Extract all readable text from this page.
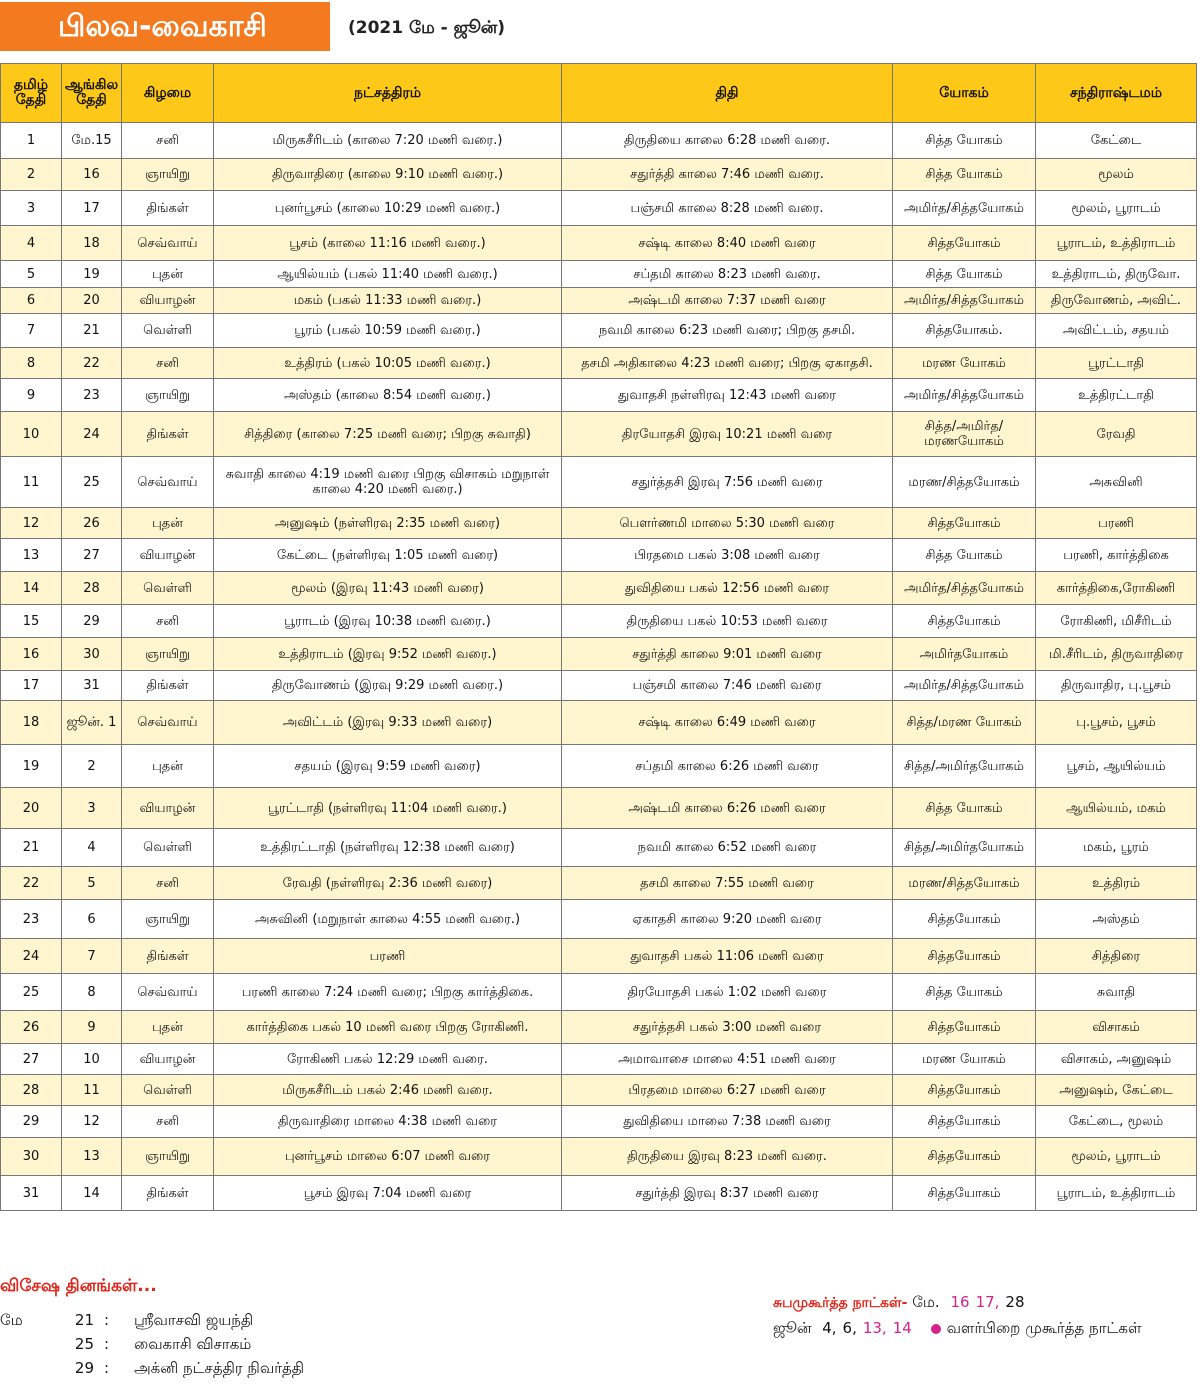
பிலவ-வைகாசி	(2021 மே - ஜூன்)
தமிழ் தேதி	ஆங்கில தேதி	கிழமை	நட்சத்திரம்	திதி	யோகம்	சந்திராஷ்டமம்
1	மே.15	சனி	மிருகசீரிடம் (காலை 7:20 மணி வரை.)	திருதியை காலை 6:28 மணி வரை.	சித்த யோகம்	கேட்டை
2	16	ஞாயிறு	திருவாதிரை (காலை 9:10 மணி வரை.)	சதுர்த்தி காலை 7:46 மணி வரை.	சித்த யோகம்	மூலம்
3	17	திங்கள்	புனர்பூசம் (காலை 10:29 மணி வரை.)	பஞ்சமி காலை 8:28 மணி வரை.	அமிர்த/சித்தயோகம்	மூலம், பூராடம்
4	18	செவ்வாய்	பூசம் (காலை 11:16 மணி வரை.)	சஷ்டி காலை 8:40 மணி வரை	சித்தயோகம்	பூராடம், உத்திராடம்
5	19	புதன்	ஆயில்யம் (பகல் 11:40 மணி வரை.)	சப்தமி காலை 8:23 மணி வரை.	சித்த யோகம்	உத்திராடம், திருவோ.
6	20	வியாழன்	மகம் (பகல் 11:33 மணி வரை.)	அஷ்டமி காலை 7:37 மணி வரை	அமிர்த/சித்தயோகம்	திருவோணம், அவிட்.
7	21	வெள்ளி	பூரம் (பகல் 10:59 மணி வரை.)	நவமி காலை 6:23 மணி வரை; பிறகு தசமி.	சித்தயோகம்.	அவிட்டம், சதயம்
8	22	சனி	உத்திரம் (பகல் 10:05 மணி வரை.)	தசமி அதிகாலை 4:23 மணி வரை; பிறகு ஏகாதசி.	மரண யோகம்	பூரட்டாதி
9	23	ஞாயிறு	அஸ்தம் (காலை 8:54 மணி வரை.)	துவாதசி நள்ளிரவு 12:43 மணி வரை	அமிர்த/சித்தயோகம்	உத்திரட்டாதி
10	24	திங்கள்	சித்திரை (காலை 7:25 மணி வரை; பிறகு சுவாதி)	திரயோதசி இரவு 10:21 மணி வரை	சித்த/அமிர்த/ மரணயோகம்	ரேவதி
11	25	செவ்வாய்	சுவாதி காலை 4:19 மணி வரை பிறகு விசாகம் மறுநாள் காலை 4:20 மணி வரை.)	சதுர்த்தசி இரவு 7:56 மணி வரை	மரண/சித்தயோகம்	அசுவினி
12	26	புதன்	அனுஷம் (நள்ளிரவு 2:35 மணி வரை)	பௌர்ணமி மாலை 5:30 மணி வரை	சித்தயோகம்	பரணி
13	27	வியாழன்	கேட்டை (நள்ளிரவு 1:05 மணி வரை)	பிரதமை பகல் 3:08 மணி வரை	சித்த யோகம்	பரணி, கார்த்திகை
14	28	வெள்ளி	மூலம் (இரவு 11:43 மணி வரை)	துவிதியை பகல் 12:56 மணி வரை	அமிர்த/சித்தயோகம்	கார்த்திகை,ரோகிணி
15	29	சனி	பூராடம் (இரவு 10:38 மணி வரை.)	திருதியை பகல் 10:53 மணி வரை	சித்தயோகம்	ரோகிணி, மிசீரிடம்
16	30	ஞாயிறு	உத்திராடம் (இரவு 9:52 மணி வரை.)	சதுர்த்தி காலை 9:01 மணி வரை	அமிர்தயோகம்	மி.சீரிடம், திருவாதிரை
17	31	திங்கள்	திருவோணம் (இரவு 9:29 மணி வரை.)	பஞ்சமி காலை 7:46 மணி வரை	அமிர்த/சித்தயோகம்	திருவாதிர, பு.பூசம்
18	ஜூன். 1	செவ்வாய்	அவிட்டம் (இரவு 9:33 மணி வரை)	சஷ்டி காலை 6:49 மணி வரை	சித்த/மரண யோகம்	பு.பூசம், பூசம்
19	2	புதன்	சதயம் (இரவு 9:59 மணி வரை)	சப்தமி காலை 6:26 மணி வரை	சித்த/அமிர்தயோகம்	பூசம், ஆயில்யம்
20	3	வியாழன்	பூரட்டாதி (நள்ளிரவு 11:04 மணி வரை.)	அஷ்டமி காலை 6:26 மணி வரை	சித்த யோகம்	ஆயில்யம், மகம்
21	4	வெள்ளி	உத்திரட்டாதி (நள்ளிரவு 12:38 மணி வரை)	நவமி காலை 6:52 மணி வரை	சித்த/அமிர்தயோகம்	மகம், பூரம்
22	5	சனி	ரேவதி (நள்ளிரவு 2:36 மணி வரை)	தசமி காலை 7:55 மணி வரை	மரண/சித்தயோகம்	உத்திரம்
23	6	ஞாயிறு	அசுவினி (மறுநாள் காலை 4:55 மணி வரை.)	ஏகாதசி காலை 9:20 மணி வரை	சித்தயோகம்	அஸ்தம்
24	7	திங்கள்	பரணி	துவாதசி பகல் 11:06 மணி வரை	சித்தயோகம்	சித்திரை
25	8	செவ்வாய்	பரணி காலை 7:24 மணி வரை; பிறகு கார்த்திகை.	திரயோதசி பகல் 1:02 மணி வரை	சித்த யோகம்	சுவாதி
26	9	புதன்	கார்த்திகை பகல் 10 மணி வரை பிறகு ரோகிணி.	சதுர்த்தசி பகல் 3:00 மணி வரை	சித்தயோகம்	விசாகம்
27	10	வியாழன்	ரோகிணி பகல் 12:29 மணி வரை.	அமாவாசை மாலை 4:51 மணி வரை	மரண யோகம்	விசாகம், அனுஷம்
28	11	வெள்ளி	மிருகசீரிடம் பகல் 2:46 மணி வரை.	பிரதமை மாலை 6:27 மணி வரை	சித்தயோகம்	அனுஷம், கேட்டை
29	12	சனி	திருவாதிரை மாலை 4:38 மணி வரை	துவிதியை மாலை 7:38 மணி வரை	சித்தயோகம்	கேட்டை, மூலம்
30	13	ஞாயிறு	புனர்பூசம் மாலை 6:07 மணி வரை	திருதியை இரவு 8:23 மணி வரை.	சித்தயோகம்	மூலம், பூராடம்
31	14	திங்கள்	பூசம் இரவு 7:04 மணி வரை	சதுர்த்தி இரவு 8:37 மணி வரை	சித்தயோகம்	பூராடம், உத்திராடம்
விசேஷ தினங்கள்...
மே	21 : ஸ்ரீவாசவி ஜயந்தி
25 : வைகாசி விசாகம்
29 : அக்னி நட்சத்திர நிவர்த்தி
சுபமுகூர்த்த நாட்கள்- மே. 16 17, 28
ஜூன் 4, 6, 13, 14 வளர்பிறை முகூர்த்த நாட்கள்
